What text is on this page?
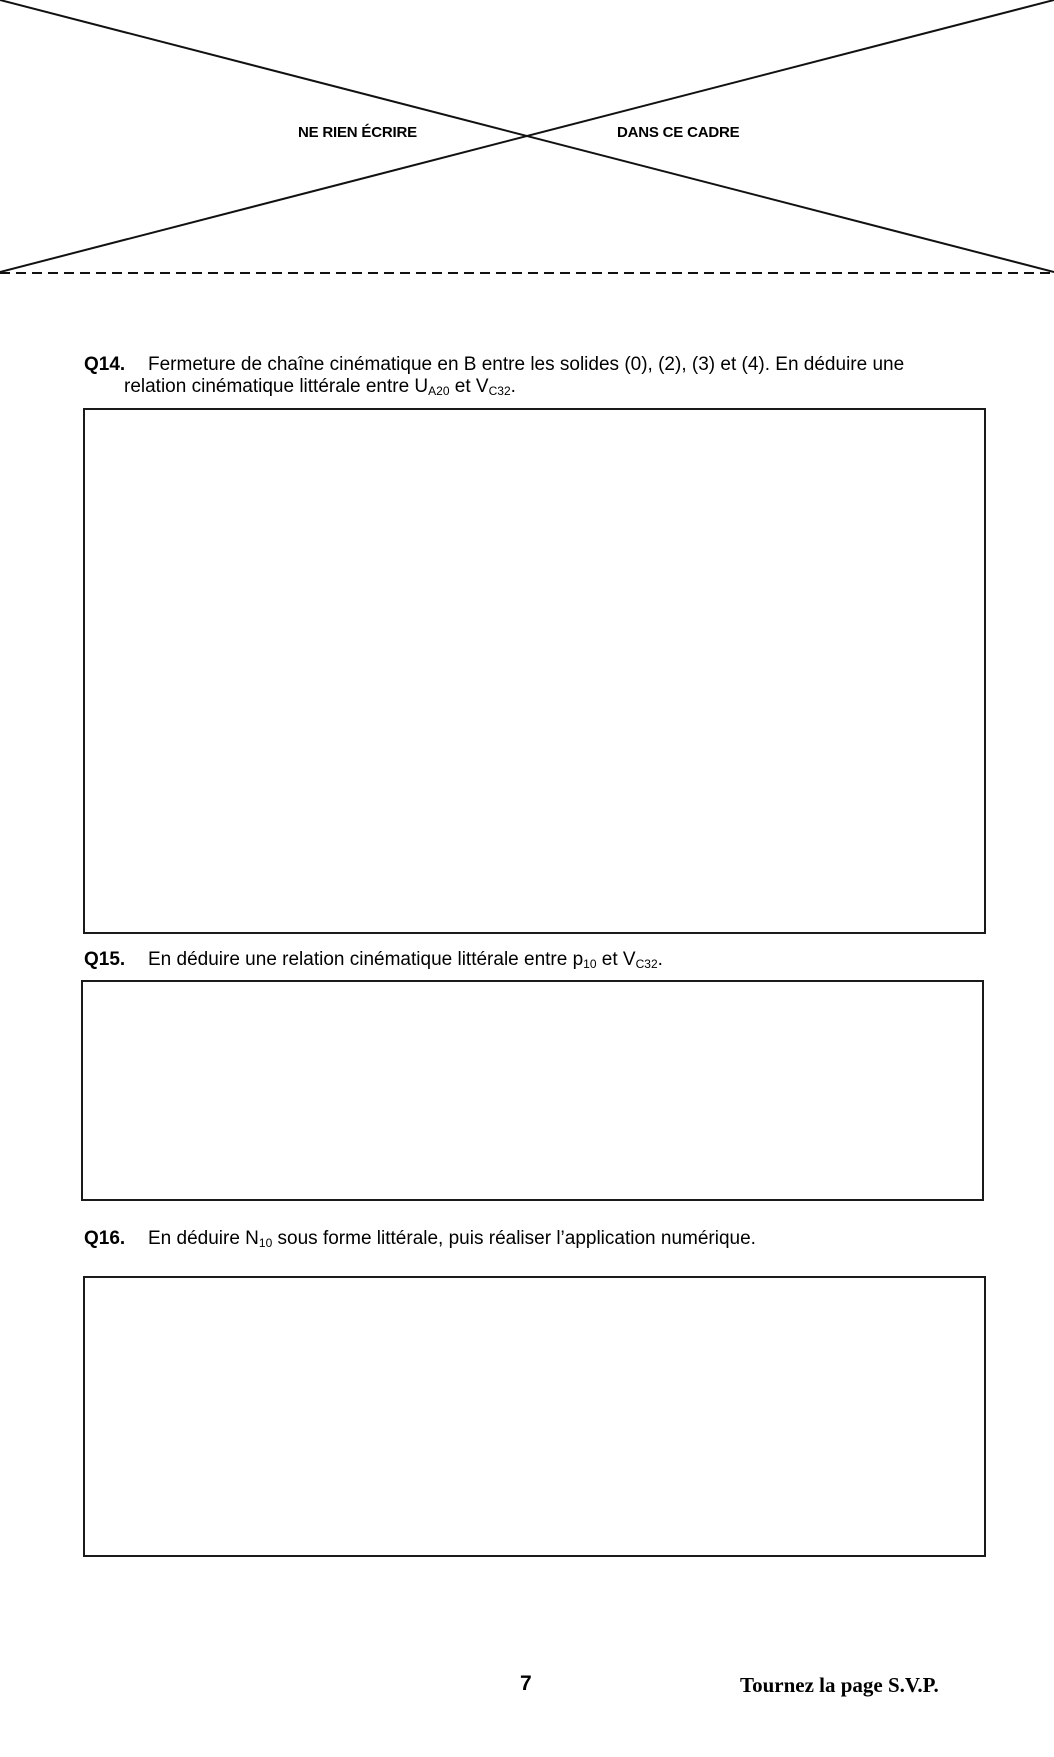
NE RIEN ÉCRIRE	DANS CE CADRE
Q14. Fermeture de chaîne cinématique en B entre les solides (0), (2), (3) et (4). En déduire une
relation cinématique littérale entre $U_{A20}$ et $V_{C32}$.
Q15. En déduire une relation cinématique littérale entre $p_{10}$ et $V_{C32}$.
Q16. En déduire $N_{10}$ sous forme littérale, puis réaliser l’application numérique.
7	Tournez la page S.V.P.
